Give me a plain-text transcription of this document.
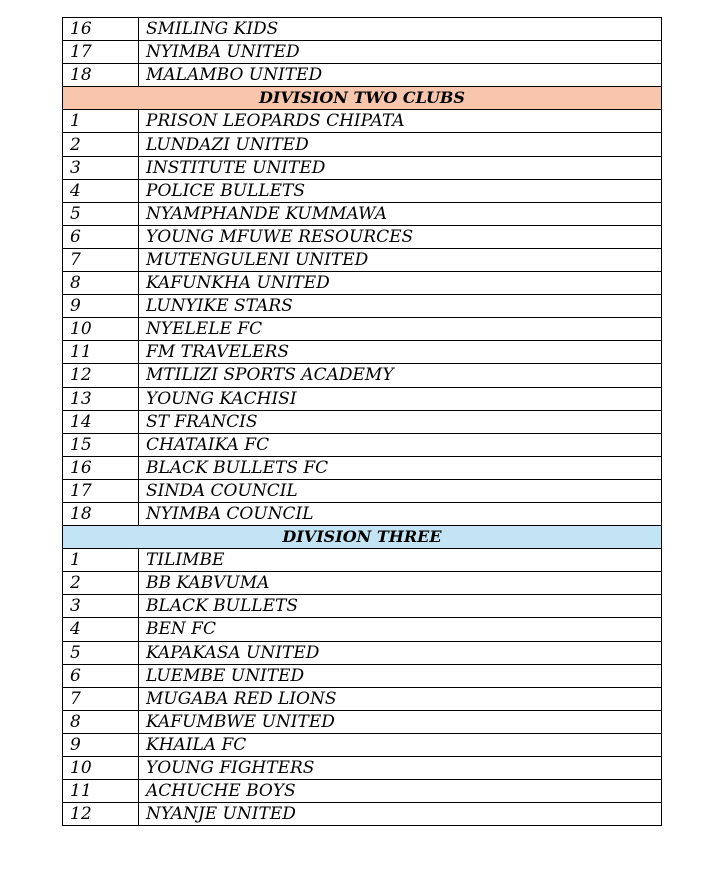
16	SMILING KIDS
17	NYIMBA UNITED
18	MALAMBO UNITED
DIVISION TWO CLUBS	
1	PRISON LEOPARDS CHIPATA
2	LUNDAZI UNITED
3	INSTITUTE UNITED
4	POLICE BULLETS
5	NYAMPHANDE KUMMAWA
6	YOUNG MFUWE RESOURCES
7	MUTENGULENI UNITED
8	KAFUNKHA UNITED
9	LUNYIKE STARS
10	NYELELE FC
11	FM TRAVELERS
12	MTILIZI SPORTS ACADEMY
13	YOUNG KACHISI
14	ST FRANCIS
15	CHATAIKA FC
16	BLACK BULLETS FC
17	SINDA COUNCIL
18	NYIMBA COUNCIL
DIVISION THREE	
1	TILIMBE
2	BB KABVUMA
3	BLACK BULLETS
4	BEN FC
5	KAPAKASA UNITED
6	LUEMBE UNITED
7	MUGABA RED LIONS
8	KAFUMBWE UNITED
9	KHAILA FC
10	YOUNG FIGHTERS
11	ACHUCHE BOYS
12	NYANJE UNITED
